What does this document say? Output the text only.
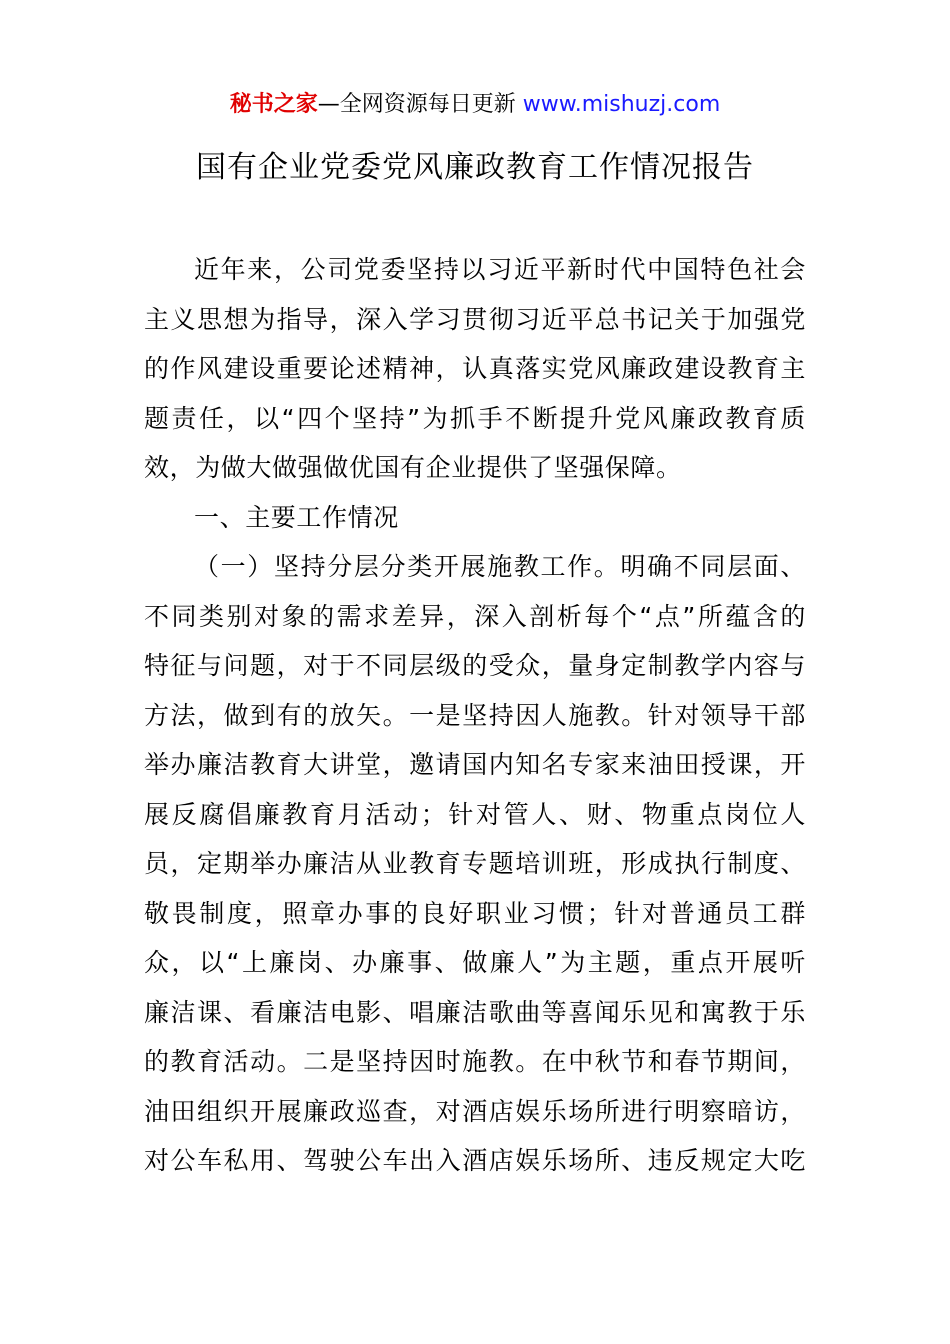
秘书之家—全网资源每日更新 www.mishuzj.com
国有企业党委党风廉政教育工作情况报告
近年来，公司党委坚持以习近平新时代中国特色社会
主义思想为指导，深入学习贯彻习近平总书记关于加强党
的作风建设重要论述精神，认真落实党风廉政建设教育主
题责任，以“四个坚持”为抓手不断提升党风廉政教育质
效，为做大做强做优国有企业提供了坚强保障。
一、主要工作情况
（一）坚持分层分类开展施教工作。明确不同层面、
不同类别对象的需求差异，深入剖析每个“点”所蕴含的
特征与问题，对于不同层级的受众，量身定制教学内容与
方法，做到有的放矢。一是坚持因人施教。针对领导干部
举办廉洁教育大讲堂，邀请国内知名专家来油田授课，开
展反腐倡廉教育月活动；针对管人、财、物重点岗位人
员，定期举办廉洁从业教育专题培训班，形成执行制度、
敬畏制度，照章办事的良好职业习惯；针对普通员工群
众，以“上廉岗、办廉事、做廉人”为主题，重点开展听
廉洁课、看廉洁电影、唱廉洁歌曲等喜闻乐见和寓教于乐
的教育活动。二是坚持因时施教。在中秋节和春节期间，
油田组织开展廉政巡查，对酒店娱乐场所进行明察暗访，
对公车私用、驾驶公车出入酒店娱乐场所、违反规定大吃
